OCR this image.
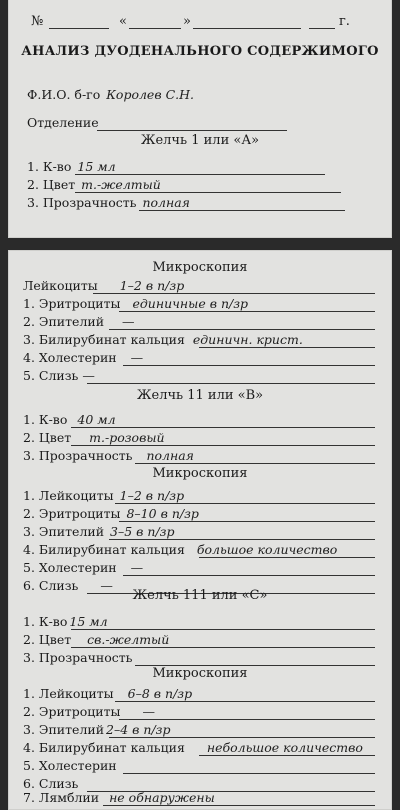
№	«	»	г.
АНАЛИЗ ДУОДЕНАЛЬНОГО СОДЕРЖИМОГО
Ф.И.О. б-го Королев С.Н.
Отделение
Желчь 1 или «А»
1. К-во 15 мл
2. Цвет т.-желтый
3. Прозрачность полная
Микроскопия
Лейкоциты 1–2 в п/зр
1. Эритроциты единичные в п/зр
2. Эпителий —
3. Билирубинат кальция единичн. крист.
4. Холестерин —
5. Слизь —
Желчь 11 или «В»
1. К-во 40 мл
2. Цвет т.-розовый
3. Прозрачность полная
Микроскопия
1. Лейкоциты 1–2 в п/зр
2. Эритроциты 8–10 в п/зр
3. Эпителий 3–5 в п/зр
4. Билирубинат кальция большое количество
5. Холестерин —
6. Слизь —
Желчь 111 или «С»
1. К-во 15 мл
2. Цвет св.-желтый
3. Прозрачность
Микроскопия
1. Лейкоциты 6–8 в п/зр
2. Эритроциты —
3. Эпителий 2–4 в п/зр
4. Билирубинат кальция небольшое количество
5. Холестерин
6. Слизь
7. Лямблии не обнаружены
